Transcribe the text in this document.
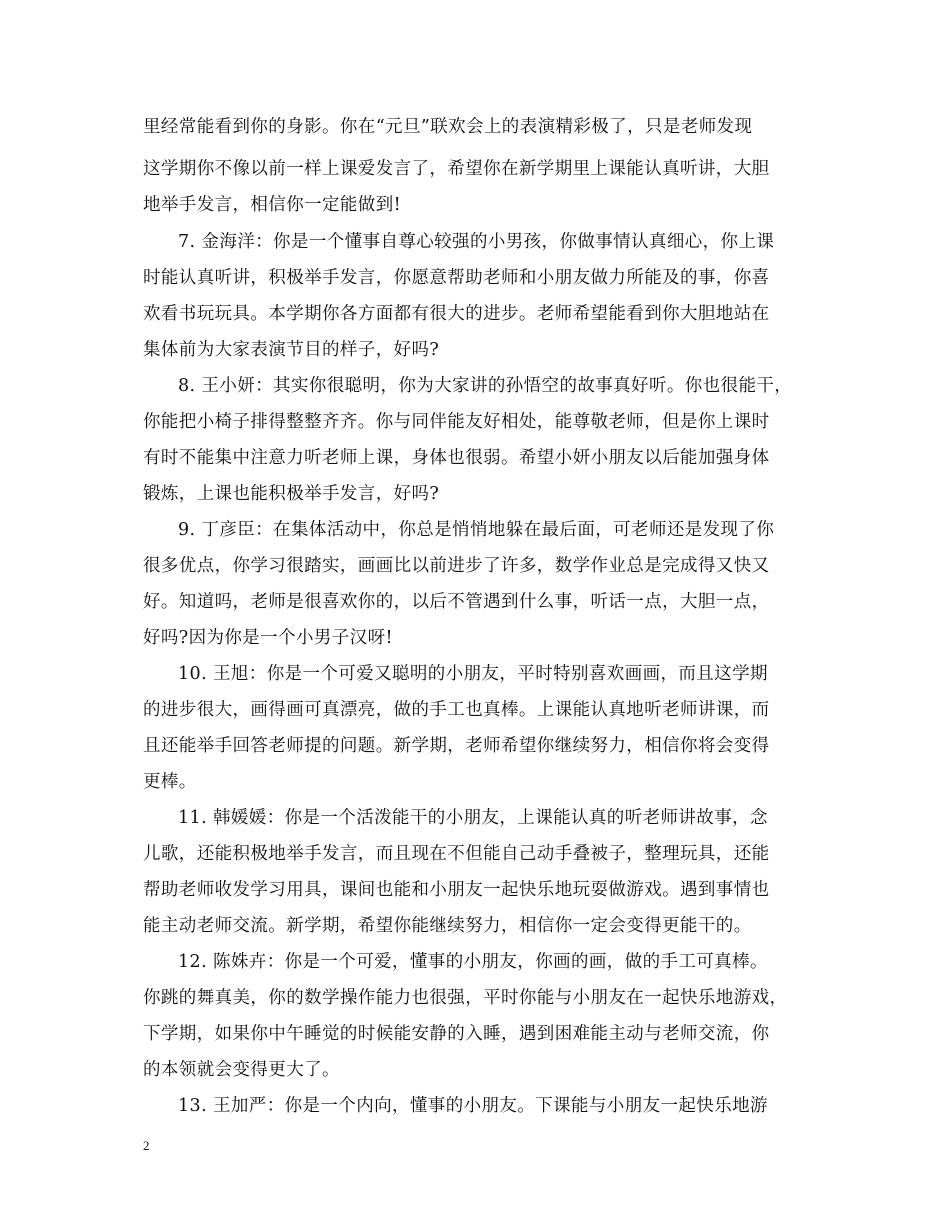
里经常能看到你的身影。你在“元旦”联欢会上的表演精彩极了，只是老师发现
这学期你不像以前一样上课爱发言了，希望你在新学期里上课能认真听讲，大胆
地举手发言，相信你一定能做到!
7. 金海洋：你是一个懂事自尊心较强的小男孩，你做事情认真细心，你上课
时能认真听讲，积极举手发言，你愿意帮助老师和小朋友做力所能及的事，你喜
欢看书玩玩具。本学期你各方面都有很大的进步。老师希望能看到你大胆地站在
集体前为大家表演节目的样子，好吗?
8. 王小妍：其实你很聪明，你为大家讲的孙悟空的故事真好听。你也很能干，
你能把小椅子排得整整齐齐。你与同伴能友好相处，能尊敬老师，但是你上课时
有时不能集中注意力听老师上课，身体也很弱。希望小妍小朋友以后能加强身体
锻炼，上课也能积极举手发言，好吗?
9. 丁彦臣：在集体活动中，你总是悄悄地躲在最后面，可老师还是发现了你
很多优点，你学习很踏实，画画比以前进步了许多，数学作业总是完成得又快又
好。知道吗，老师是很喜欢你的，以后不管遇到什么事，听话一点，大胆一点，
好吗?因为你是一个小男子汉呀!
10. 王旭：你是一个可爱又聪明的小朋友，平时特别喜欢画画，而且这学期
的进步很大，画得画可真漂亮，做的手工也真棒。上课能认真地听老师讲课，而
且还能举手回答老师提的问题。新学期，老师希望你继续努力，相信你将会变得
更棒。
11. 韩媛媛：你是一个活泼能干的小朋友，上课能认真的听老师讲故事，念
儿歌，还能积极地举手发言，而且现在不但能自己动手叠被子，整理玩具，还能
帮助老师收发学习用具，课间也能和小朋友一起快乐地玩耍做游戏。遇到事情也
能主动老师交流。新学期，希望你能继续努力，相信你一定会变得更能干的。
12. 陈姝卉：你是一个可爱，懂事的小朋友，你画的画，做的手工可真棒。
你跳的舞真美，你的数学操作能力也很强，平时你能与小朋友在一起快乐地游戏，
下学期，如果你中午睡觉的时候能安静的入睡，遇到困难能主动与老师交流，你
的本领就会变得更大了。
13. 王加严：你是一个内向，懂事的小朋友。下课能与小朋友一起快乐地游
2
